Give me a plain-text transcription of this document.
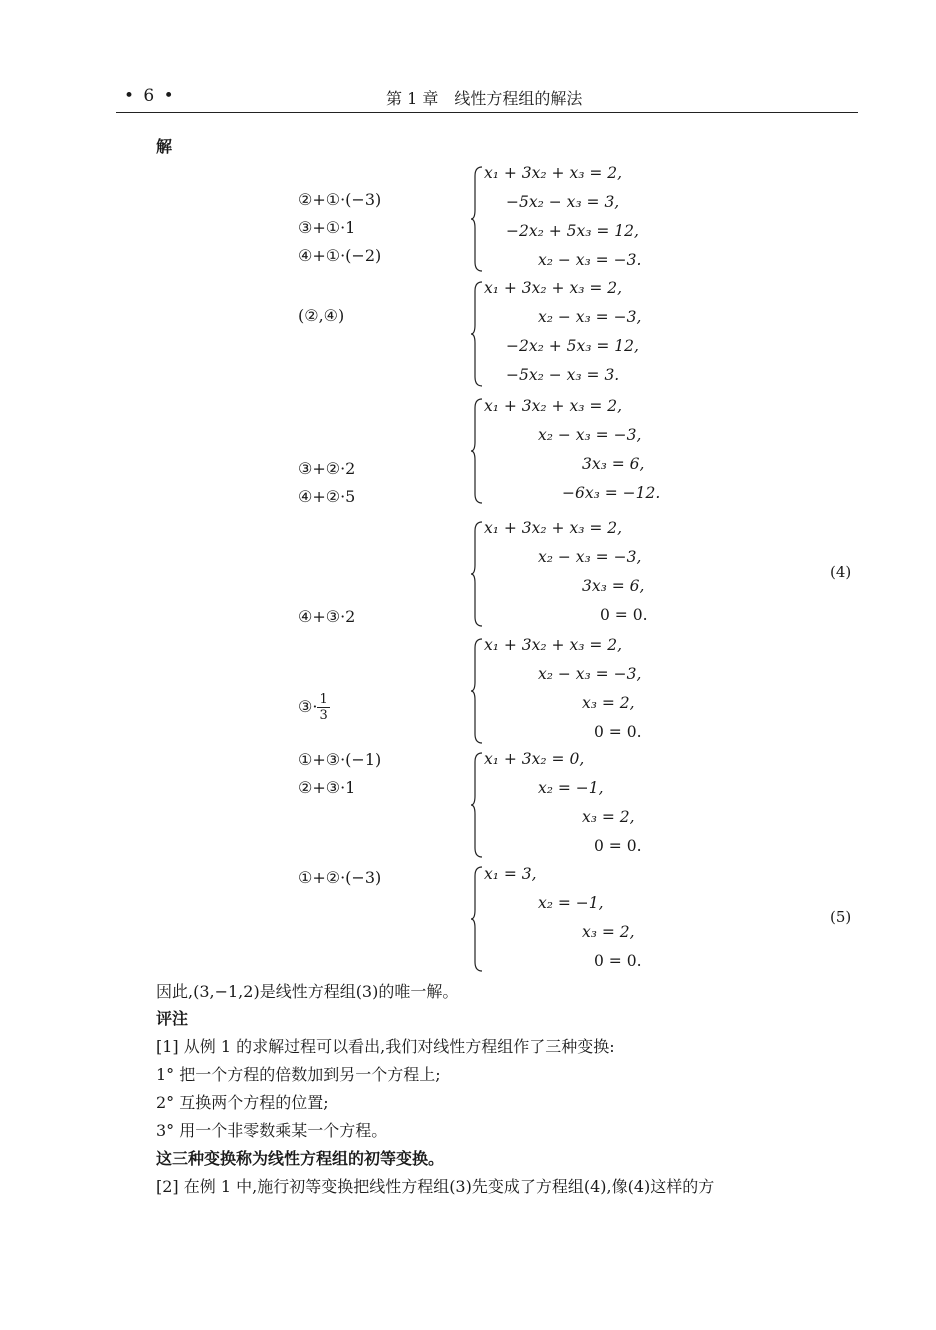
• 6 •	第 1 章　线性方程组的解法
解
②+①·(−3)
③+①·1
④+①·(−2)
x₁ + 3x₂ + x₃ = 2,
−5x₂ − x₃ = 3,
−2x₂ + 5x₃ = 12,
x₂ − x₃ = −3.
(②,④)
x₁ + 3x₂ + x₃ = 2,
x₂ − x₃ = −3,
−2x₂ + 5x₃ = 12,
−5x₂ − x₃ = 3.
x₁ + 3x₂ + x₃ = 2,
x₂ − x₃ = −3,
3x₃ = 6,
−6x₃ = −12.
③+②·2
④+②·5
x₁ + 3x₂ + x₃ = 2,
x₂ − x₃ = −3,
3x₃ = 6,
0 = 0.
④+③·2
(4)
x₁ + 3x₂ + x₃ = 2,
x₂ − x₃ = −3,
x₃ = 2,
0 = 0.
③· $\frac{1}{3}$
①+③·(−1)
②+③·1
x₁ + 3x₂ = 0,
x₂ = −1,
x₃ = 2,
0 = 0.
①+②·(−3)	x₁ = 3,
x₂ = −1,
x₃ = 2,
0 = 0.
(5)
因此,(3,−1,2)是线性方程组(3)的唯一解。
评注
[1] 从例 1 的求解过程可以看出,我们对线性方程组作了三种变换:
1° 把一个方程的倍数加到另一个方程上;
2° 互换两个方程的位置;
3° 用一个非零数乘某一个方程。
这三种变换称为线性方程组的初等变换。
[2] 在例 1 中,施行初等变换把线性方程组(3)先变成了方程组(4),像(4)这样的方
